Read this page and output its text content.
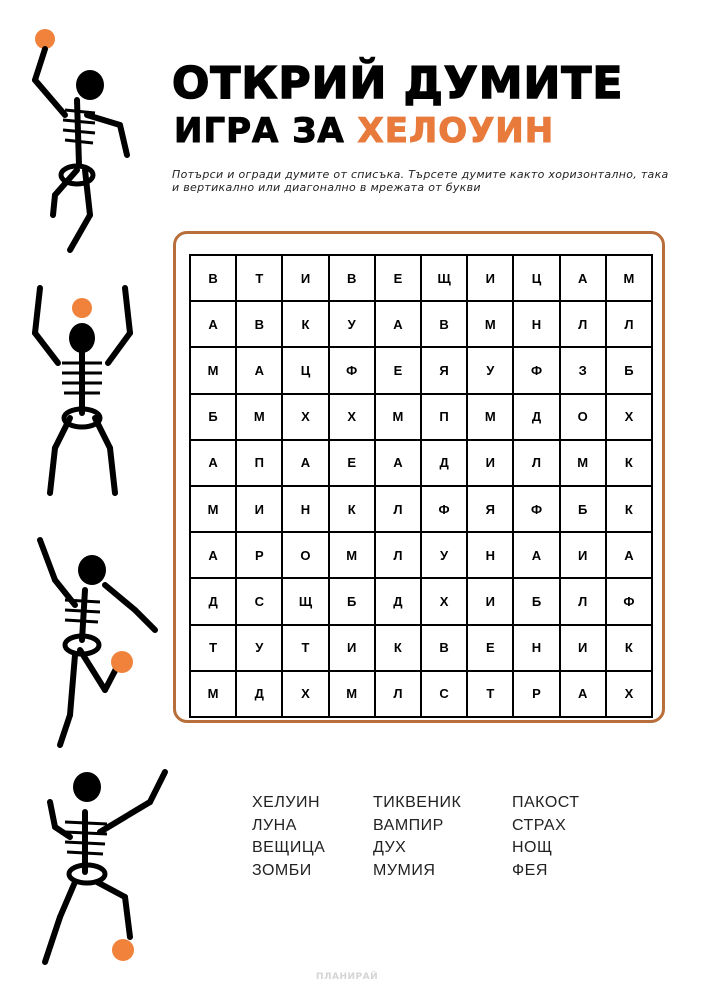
ОТКРИЙ ДУМИТЕ
ИГРА ЗА ХЕЛОУИН
Потърси и огради думите от списъка. Търсете думите както хоризонтално, така и вертикално или диагонално в мрежата от букви
В	Т	И	В	Е	Щ	И	Ц	А	М
А	В	К	У	А	В	М	Н	Л	Л
М	А	Ц	Ф	Е	Я	У	Ф	З	Б
Б	М	Х	Х	М	П	М	Д	О	Х
А	П	А	Е	А	Д	И	Л	М	К
М	И	Н	К	Л	Ф	Я	Ф	Б	К
А	Р	О	М	Л	У	Н	А	И	А
Д	С	Щ	Б	Д	Х	И	Б	Л	Ф
Т	У	Т	И	К	В	Е	Н	И	К
М	Д	Х	М	Л	С	Т	Р	А	Х
ХЕЛУИН
ЛУНА
ВЕЩИЦА
ЗОМБИ
ТИКВЕНИК
ВАМПИР
ДУХ
МУМИЯ
ПАКОСТ
СТРАХ
НОЩ
ФЕЯ
ПЛАНИРАЙ
